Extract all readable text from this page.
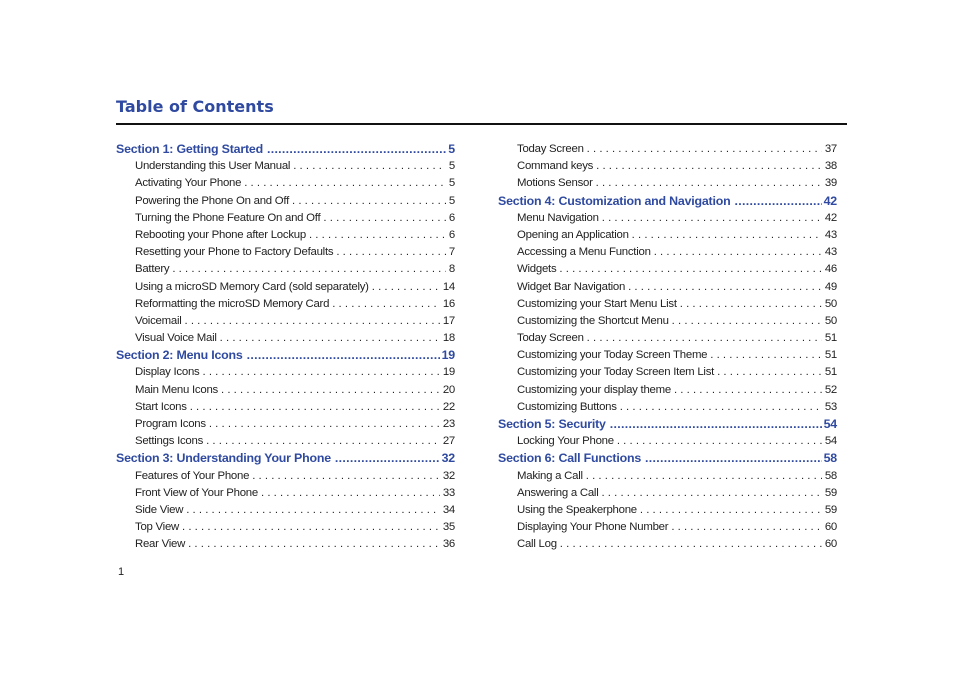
Table of Contents
Section 1: Getting Started .....	5
Understanding this User Manual . . .	5
Activating Your Phone . . .	5
Powering the Phone On and Off . . .	5
Turning the Phone Feature On and Off . . .	6
Rebooting your Phone after Lockup . . .	6
Resetting your Phone to Factory Defaults . . .	7
Battery . . .	8
Using a microSD Memory Card (sold separately) . . .	14
Reformatting the microSD Memory Card . . .	16
Voicemail . . .	17
Visual Voice Mail . . .	18
Section 2: Menu Icons .....	19
Display Icons . . .	19
Main Menu Icons . . .	20
Start Icons . . .	22
Program Icons . . .	23
Settings Icons . . .	27
Section 3: Understanding Your Phone .....	32
Features of Your Phone . . .	32
Front View of Your Phone . . .	33
Side View . . .	34
Top View . . .	35
Rear View . . .	36
Today Screen . . .	37
Command keys . . .	38
Motions Sensor . . .	39
Section 4: Customization and Navigation .....	42
Menu Navigation . . .	42
Opening an Application . . .	43
Accessing a Menu Function . . .	43
Widgets . . .	46
Widget Bar Navigation . . .	49
Customizing your Start Menu List . . .	50
Customizing the Shortcut Menu . . .	50
Today Screen . . .	51
Customizing your Today Screen Theme . . .	51
Customizing your Today Screen Item List . . .	51
Customizing your display theme . . .	52
Customizing Buttons . . .	53
Section 5: Security .....	54
Locking Your Phone . . .	54
Section 6: Call Functions .....	58
Making a Call . . .	58
Answering a Call . . .	59
Using the Speakerphone . . .	59
Displaying Your Phone Number . . .	60
Call Log . . .	60
1
